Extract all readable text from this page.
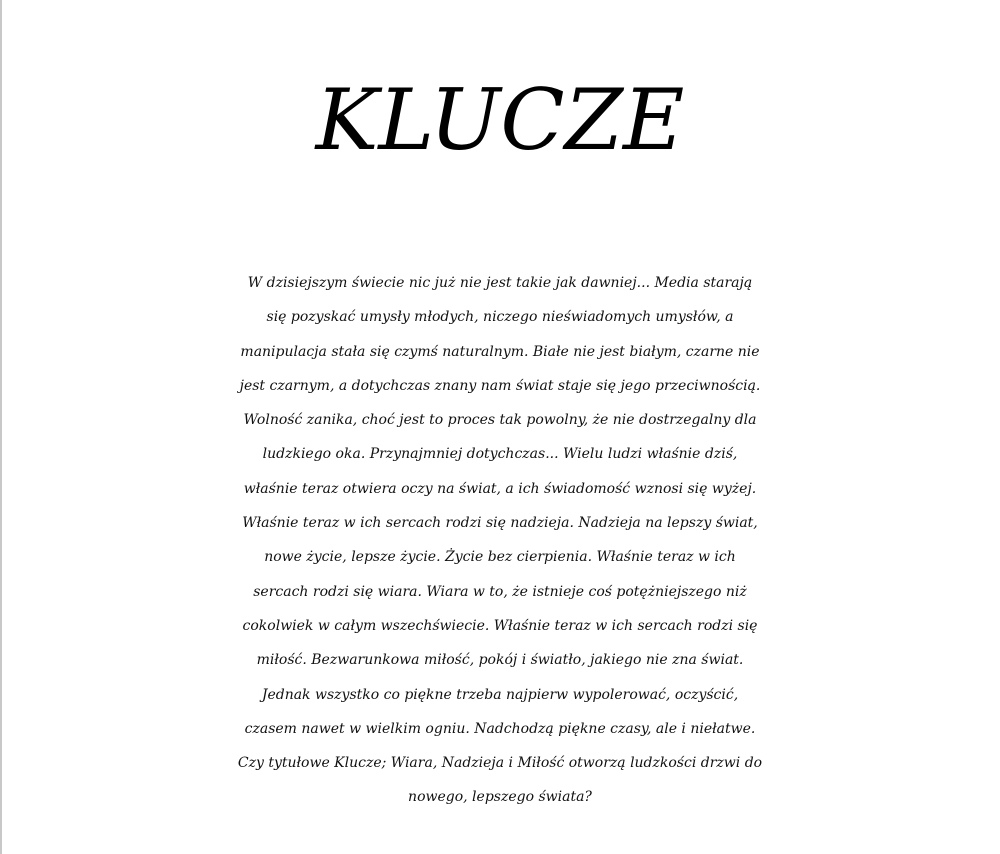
KLUCZE
W dzisiejszym świecie nic już nie jest takie jak dawniej... Media starają
się pozyskać umysły młodych, niczego nieświadomych umysłów, a
manipulacja stała się czymś naturalnym. Białe nie jest białym, czarne nie
jest czarnym, a dotychczas znany nam świat staje się jego przeciwnością.
Wolność zanika, choć jest to proces tak powolny, że nie dostrzegalny dla
ludzkiego oka. Przynajmniej dotychczas... Wielu ludzi właśnie dziś,
właśnie teraz otwiera oczy na świat, a ich świadomość wznosi się wyżej.
Właśnie teraz w ich sercach rodzi się nadzieja. Nadzieja na lepszy świat,
nowe życie, lepsze życie. Życie bez cierpienia. Właśnie teraz w ich
sercach rodzi się wiara. Wiara w to, że istnieje coś potężniejszego niż
cokolwiek w całym wszechświecie. Właśnie teraz w ich sercach rodzi się
miłość. Bezwarunkowa miłość, pokój i światło, jakiego nie zna świat.
Jednak wszystko co piękne trzeba najpierw wypolerować, oczyścić,
czasem nawet w wielkim ogniu. Nadchodzą piękne czasy, ale i niełatwe.
Czy tytułowe Klucze; Wiara, Nadzieja i Miłość otworzą ludzkości drzwi do
nowego, lepszego świata?
